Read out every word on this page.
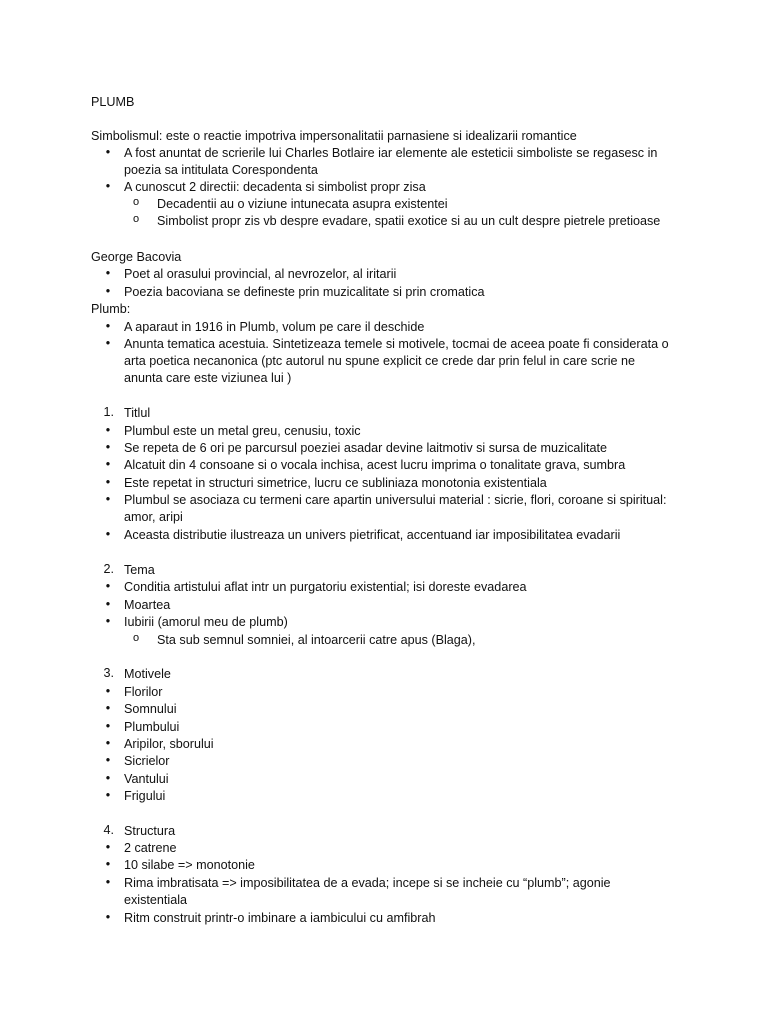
PLUMB
Simbolismul: este o reactie impotriva impersonalitatii parnasiene si idealizarii romantice
• A fost anuntat de scrierile lui Charles Botlaire iar elemente ale esteticii simboliste se regasesc in
poezia sa intitulata Corespondenta
• A cunoscut 2 directii: decadenta si simbolist propr zisa
o Decadentii au o viziune intunecata asupra existentei
o Simbolist propr zis vb despre evadare, spatii exotice si au un cult despre pietrele pretioase
George Bacovia
• Poet al orasului provincial, al nevrozelor, al iritarii
• Poezia bacoviana se defineste prin muzicalitate si prin cromatica
Plumb:
• A aparaut in 1916 in Plumb, volum pe care il deschide
• Anunta tematica acestuia. Sintetizeaza temele si motivele, tocmai de aceea poate fi considerata o
arta poetica necanonica (ptc autorul nu spune explicit ce crede dar prin felul in care scrie ne
anunta care este viziunea lui )
1. Titlul
• Plumbul este un metal greu, cenusiu, toxic
• Se repeta de 6 ori pe parcursul poeziei asadar devine laitmotiv si sursa de muzicalitate
• Alcatuit din 4 consoane si o vocala inchisa, acest lucru imprima o tonalitate grava, sumbra
• Este repetat in structuri simetrice, lucru ce subliniaza monotonia existentiala
• Plumbul se asociaza cu termeni care apartin universului material : sicrie, flori, coroane si spiritual:
amor, aripi
• Aceasta distributie ilustreaza un univers pietrificat, accentuand iar imposibilitatea evadarii
2. Tema
• Conditia artistului aflat intr un purgatoriu existential; isi doreste evadarea
• Moartea
• Iubirii (amorul meu de plumb)
o Sta sub semnul somniei, al intoarcerii catre apus (Blaga),
3. Motivele
• Florilor
• Somnului
• Plumbului
• Aripilor, sborului
• Sicrielor
• Vantului
• Frigului
4. Structura
• 2 catrene
• 10 silabe => monotonie
• Rima imbratisata => imposibilitatea de a evada; incepe si se incheie cu “plumb”; agonie
existentiala
• Ritm construit printr-o imbinare a iambicului cu amfibrah
